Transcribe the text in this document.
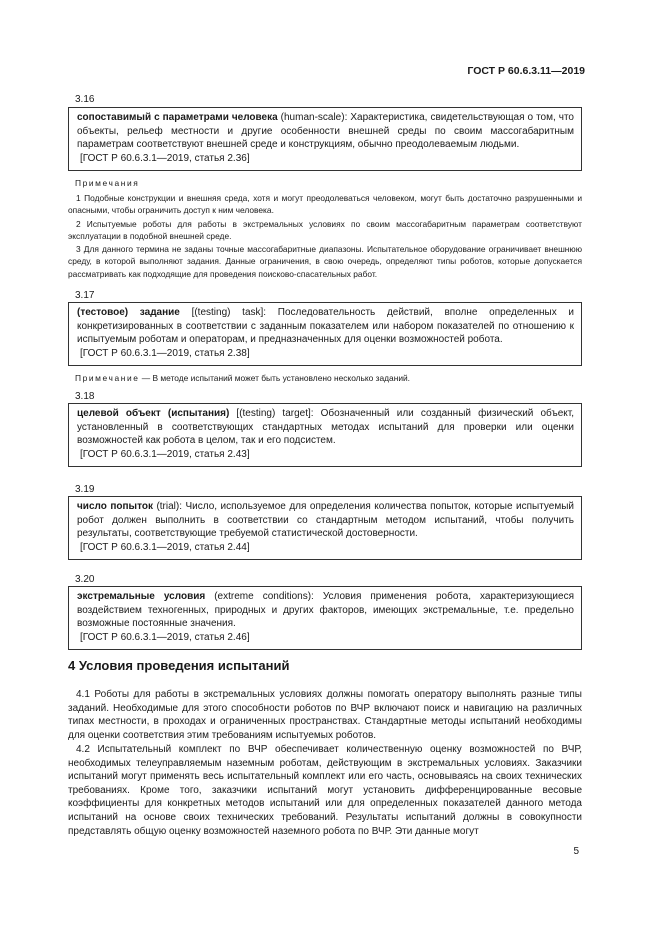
ГОСТ Р 60.6.3.11—2019
3.16

сопоставимый с параметрами человека (human-scale): Характеристика, свидетельствующая о том, что объекты, рельеф местности и другие особенности внешней среды по своим массогабаритным параметрам соответствуют внешней среде и конструкциям, обычно преодолеваемым людьми.

[ГОСТ Р 60.6.3.1—2019, статья 2.36]

Примечания

1 Подобные конструкции и внешняя среда, хотя и могут преодолеваться человеком, могут быть достаточно разрушенными и опасными, чтобы ограничить доступ к ним человека.

2 Испытуемые роботы для работы в экстремальных условиях по своим массогабаритным параметрам соответствуют эксплуатации в подобной внешней среде.

3 Для данного термина не заданы точные массогабаритные диапазоны. Испытательное оборудование ограничивает внешнюю среду, в которой выполняют задания. Данные ограничения, в свою очередь, определяют типы роботов, которые допускается рассматривать как подходящие для проведения поисково-спасательных работ.

3.17

(тестовое) задание [(testing) task]: Последовательность действий, вполне определенных и конкретизированных в соответствии с заданным показателем или набором показателей по отношению к испытуемым роботам и операторам, и предназначенных для оценки возможностей робота.

[ГОСТ Р 60.6.3.1—2019, статья 2.38]

Примечание — В методе испытаний может быть установлено несколько заданий.
3.18

целевой объект (испытания) [(testing) target]: Обозначенный или созданный физический объект, установленный в соответствующих стандартных методах испытаний для проверки или оценки возможностей как робота в целом, так и его подсистем.

[ГОСТ Р 60.6.3.1—2019, статья 2.43]

3.19

число попыток (trial): Число, используемое для определения количества попыток, которые испытуемый робот должен выполнить в соответствии со стандартным методом испытаний, чтобы получить результаты, соответствующие требуемой статистической достоверности.

[ГОСТ Р 60.6.3.1—2019, статья 2.44]

3.20

экстремальные условия (extreme conditions): Условия применения робота, характеризующиеся воздействием техногенных, природных и других факторов, имеющих экстремальные, т.е. предельно возможные постоянные значения.

[ГОСТ Р 60.6.3.1—2019, статья 2.46]

4 Условия проведения испытаний

4.1 Роботы для работы в экстремальных условиях должны помогать оператору выполнять разные типы заданий. Необходимые для этого способности роботов по ВЧР включают поиск и навигацию на различных типах местности, в проходах и ограниченных пространствах. Стандартные методы испытаний необходимы для оценки соответствия этим требованиям испытуемых роботов.

4.2 Испытательный комплект по ВЧР обеспечивает количественную оценку возможностей по ВЧР, необходимых телеуправляемым наземным роботам, действующим в экстремальных условиях. Заказчики испытаний могут применять весь испытательный комплект или его часть, основываясь на своих технических требованиях. Кроме того, заказчики испытаний могут установить дифференцированные весовые коэффициенты для конкретных методов испытаний или для определенных показателей данного метода испытаний на основе своих технических требований. Результаты испытаний должны в совокупности представлять общую оценку возможностей наземного робота по ВЧР. Эти данные могут

5
